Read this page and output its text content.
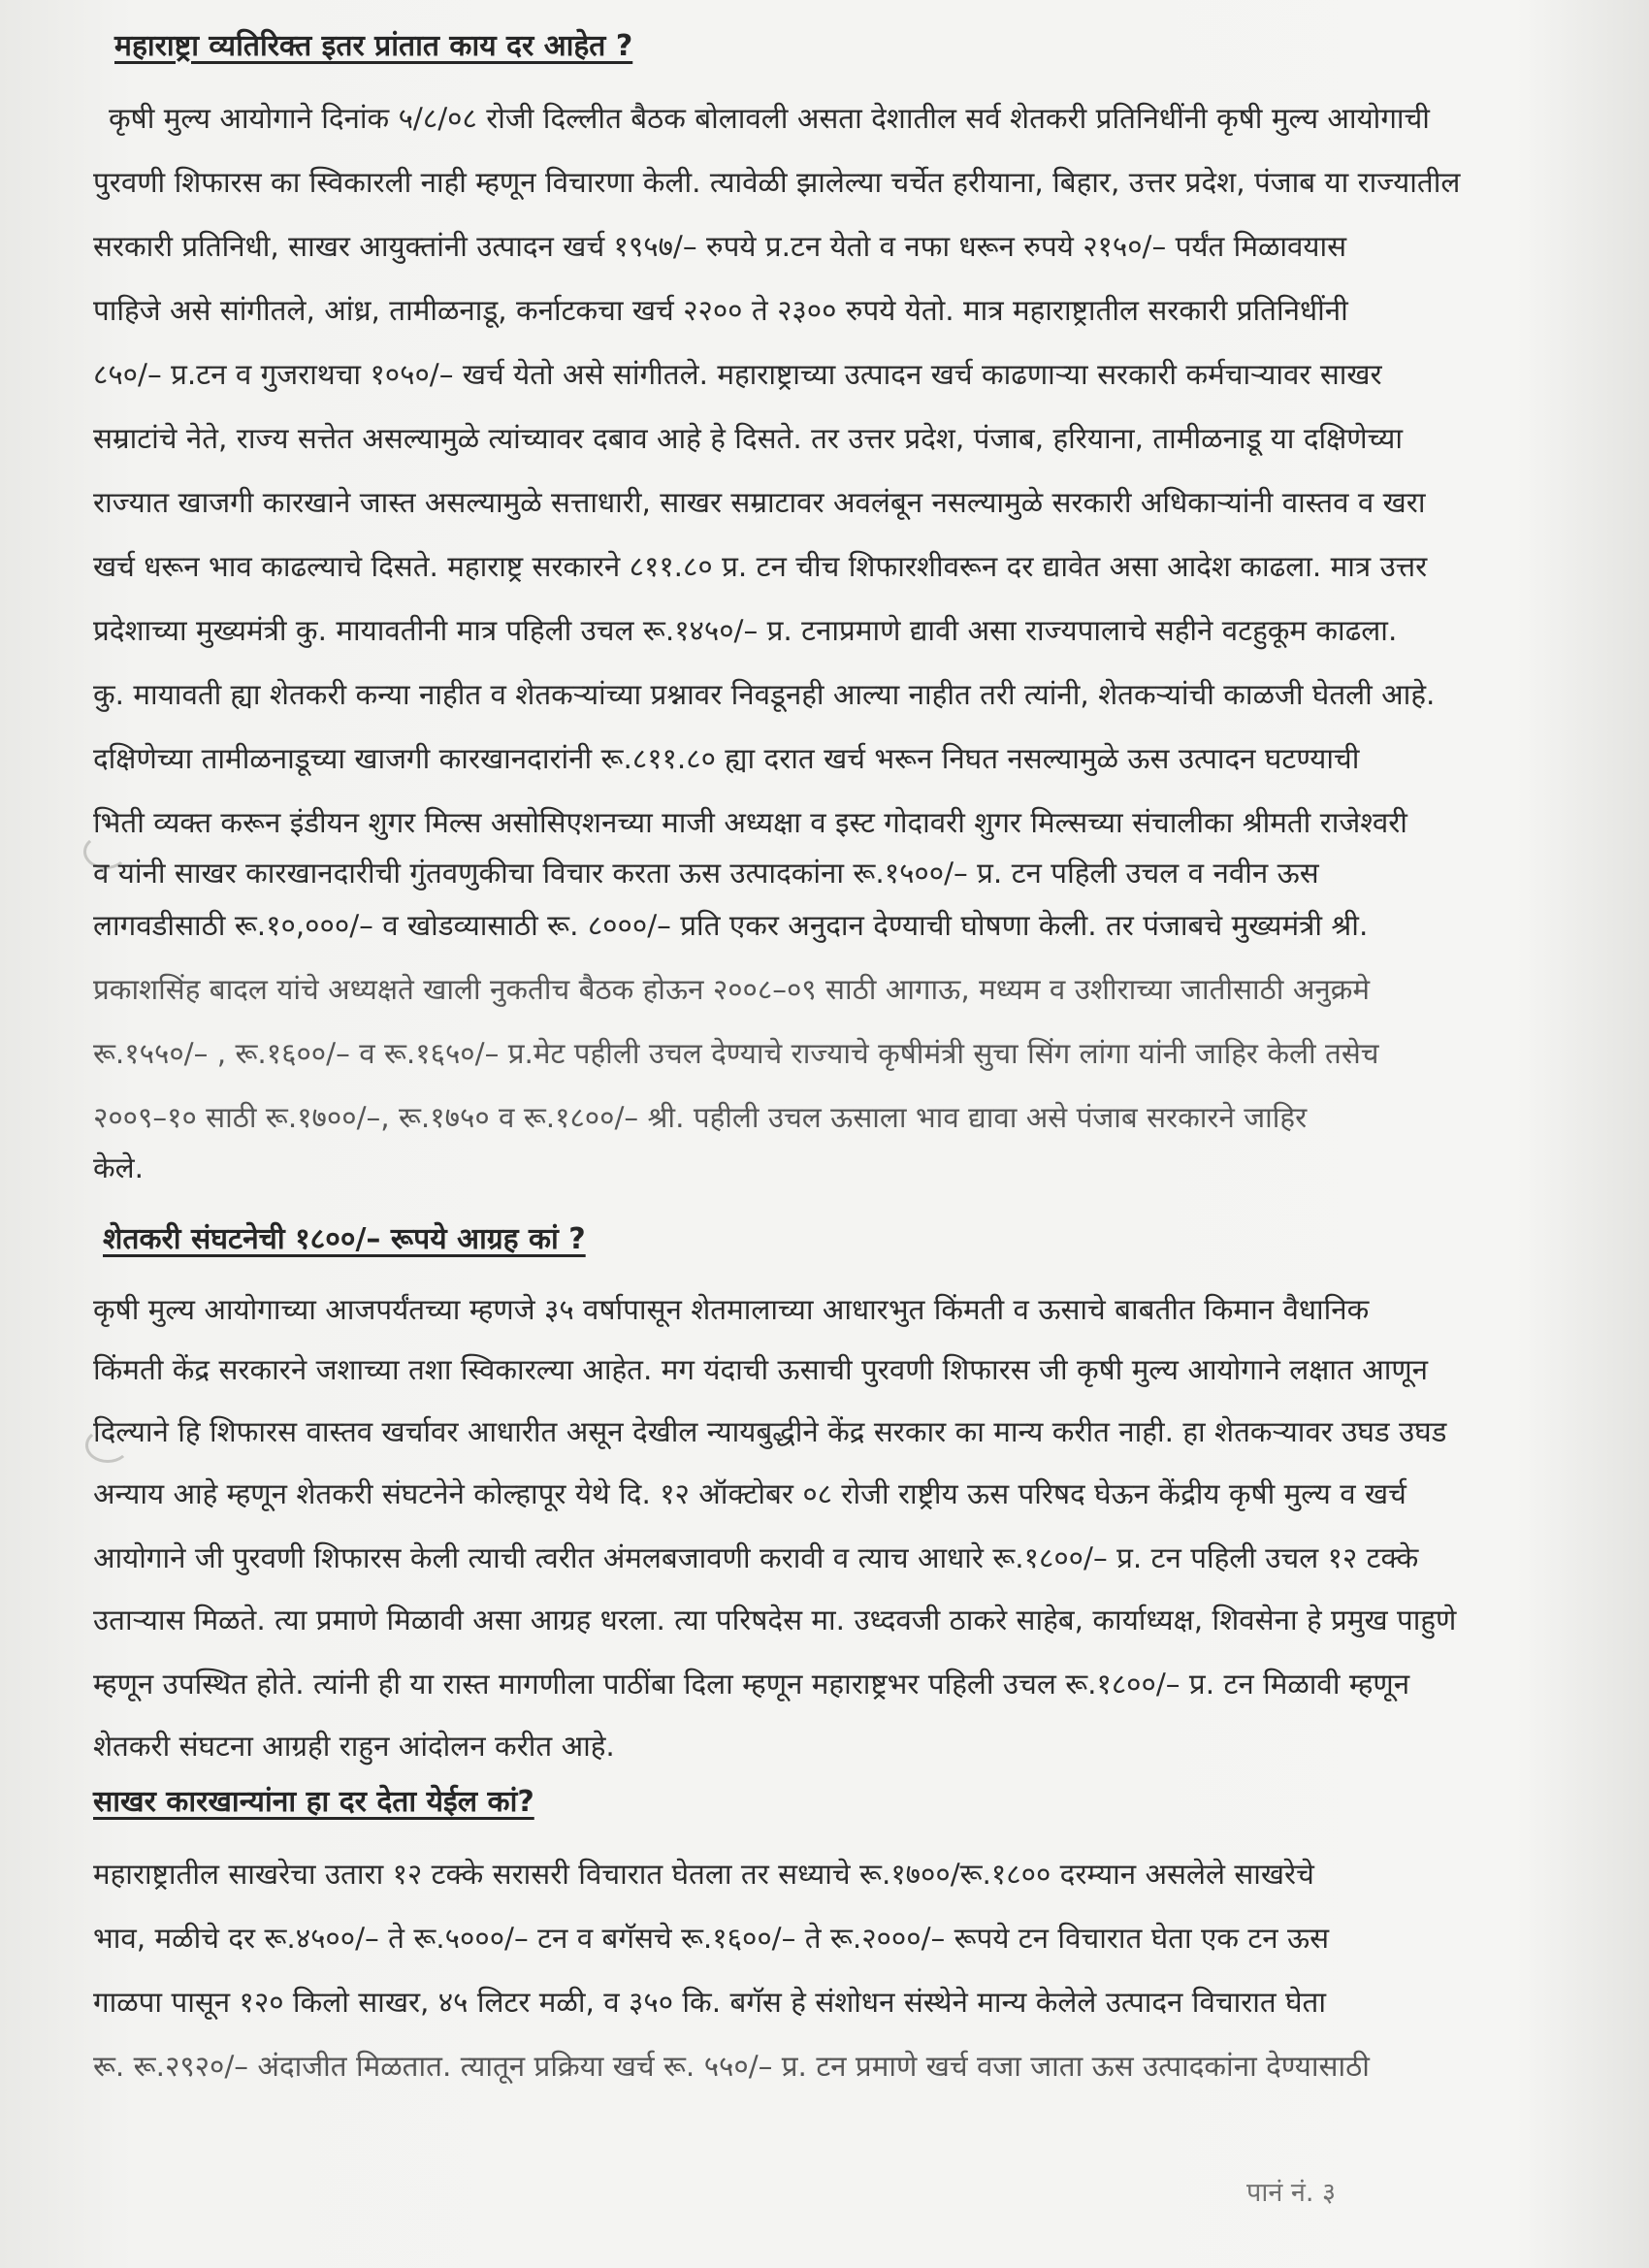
महाराष्ट्रा व्यतिरिक्त इतर प्रांतात काय दर आहेत ?

कृषी मुल्य आयोगाने दिनांक ५/८/०८ रोजी दिल्लीत बैठक बोलावली असता देशातील सर्व शेतकरी प्रतिनिधींनी कृषी मुल्य आयोगाची

पुरवणी शिफारस का स्विकारली नाही म्हणून विचारणा केली. त्यावेळी झालेल्या चर्चेत हरीयाना, बिहार, उत्तर प्रदेश, पंजाब या राज्यातील

सरकारी प्रतिनिधी, साखर आयुक्तांनी उत्पादन खर्च १९५७/– रुपये प्र.टन येतो व नफा धरून रुपये २१५०/– पर्यंत मिळावयास

पाहिजे असे सांगीतले, आंध्र, तामीळनाडू, कर्नाटकचा खर्च २२०० ते २३०० रुपये येतो. मात्र महाराष्ट्रातील सरकारी प्रतिनिधींनी

८५०/– प्र.टन व गुजराथचा १०५०/– खर्च येतो असे सांगीतले. महाराष्ट्राच्या उत्पादन खर्च काढणाऱ्या सरकारी कर्मचाऱ्यावर साखर

सम्राटांचे नेते, राज्य सत्तेत असल्यामुळे त्यांच्यावर दबाव आहे हे दिसते. तर उत्तर प्रदेश, पंजाब, हरियाना, तामीळनाडू या दक्षिणेच्या

राज्यात खाजगी कारखाने जास्त असल्यामुळे सत्ताधारी, साखर सम्राटावर अवलंबून नसल्यामुळे सरकारी अधिकाऱ्यांनी वास्तव व खरा

खर्च धरून भाव काढल्याचे दिसते. महाराष्ट्र सरकारने ८११.८० प्र. टन चीच शिफारशीवरून दर द्यावेत असा आदेश काढला. मात्र उत्तर

प्रदेशाच्या मुख्यमंत्री कु. मायावतीनी मात्र पहिली उचल रू.१४५०/– प्र. टनाप्रमाणे द्यावी असा राज्यपालाचे सहीने वटहुकूम काढला.

कु. मायावती ह्या शेतकरी कन्या नाहीत व शेतकऱ्यांच्या प्रश्नावर निवडूनही आल्या नाहीत तरी त्यांनी, शेतकऱ्यांची काळजी घेतली आहे.

दक्षिणेच्या तामीळनाडूच्या खाजगी कारखानदारांनी रू.८११.८० ह्या दरात खर्च भरून निघत नसल्यामुळे ऊस उत्पादन घटण्याची

भिती व्यक्त करून इंडीयन शुगर मिल्स असोसिएशनच्या माजी अध्यक्षा व इस्ट गोदावरी शुगर मिल्सच्या संचालीका श्रीमती राजेश्वरी

व यांनी साखर कारखानदारीची गुंतवणुकीचा विचार करता ऊस उत्पादकांना रू.१५००/– प्र. टन पहिली उचल व नवीन ऊस

लागवडीसाठी रू.१०,०००/– व खोडव्यासाठी रू. ८०००/– प्रति एकर अनुदान देण्याची घोषणा केली. तर पंजाबचे मुख्यमंत्री श्री.

प्रकाशसिंह बादल यांचे अध्यक्षते खाली नुकतीच बैठक होऊन २००८–०९ साठी आगाऊ, मध्यम व उशीराच्या जातीसाठी अनुक्रमे

रू.१५५०/– , रू.१६००/– व रू.१६५०/– प्र.मेट पहीली उचल देण्याचे राज्याचे कृषीमंत्री सुचा सिंग लांगा यांनी जाहिर केली तसेच

२००९–१० साठी रू.१७००/–, रू.१७५० व रू.१८००/– श्री. पहीली उचल ऊसाला भाव द्यावा असे पंजाब सरकारने जाहिर

केले.

शेतकरी संघटनेची १८००/– रूपये आग्रह कां ?

कृषी मुल्य आयोगाच्या आजपर्यंतच्या म्हणजे ३५ वर्षापासून शेतमालाच्या आधारभुत किंमती व ऊसाचे बाबतीत किमान वैधानिक

किंमती केंद्र सरकारने जशाच्या तशा स्विकारल्या आहेत. मग यंदाची ऊसाची पुरवणी शिफारस जी कृषी मुल्य आयोगाने लक्षात आणून

दिल्याने हि शिफारस वास्तव खर्चावर आधारीत असून देखील न्यायबुद्धीने केंद्र सरकार का मान्य करीत नाही. हा शेतकऱ्यावर उघड उघड

अन्याय आहे म्हणून शेतकरी संघटनेने कोल्हापूर येथे दि. १२ ऑक्टोबर ०८ रोजी राष्ट्रीय ऊस परिषद घेऊन केंद्रीय कृषी मुल्य व खर्च

आयोगाने जी पुरवणी शिफारस केली त्याची त्वरीत अंमलबजावणी करावी व त्याच आधारे रू.१८००/– प्र. टन पहिली उचल १२ टक्के

उताऱ्यास मिळते. त्या प्रमाणे मिळावी असा आग्रह धरला. त्या परिषदेस मा. उध्दवजी ठाकरे साहेब, कार्याध्यक्ष, शिवसेना हे प्रमुख पाहुणे

म्हणून उपस्थित होते. त्यांनी ही या रास्त मागणीला पाठींबा दिला म्हणून महाराष्ट्रभर पहिली उचल रू.१८००/– प्र. टन मिळावी म्हणून

शेतकरी संघटना आग्रही राहुन आंदोलन करीत आहे.

साखर कारखान्यांना हा दर देता येईल कां?

महाराष्ट्रातील साखरेचा उतारा १२ टक्के सरासरी विचारात घेतला तर सध्याचे रू.१७००/रू.१८०० दरम्यान असलेले साखरेचे

भाव, मळीचे दर रू.४५००/– ते रू.५०००/– टन व बगॅसचे रू.१६००/– ते रू.२०००/– रूपये टन विचारात घेता एक टन ऊस

गाळपा पासून १२० किलो साखर, ४५ लिटर मळी, व ३५० कि. बगॅस हे संशोधन संस्थेने मान्य केलेले उत्पादन विचारात घेता

रू. रू.२९२०/– अंदाजीत मिळतात. त्यातून प्रक्रिया खर्च रू. ५५०/– प्र. टन प्रमाणे खर्च वजा जाता ऊस उत्पादकांना देण्यासाठी

पानं नं. ३
